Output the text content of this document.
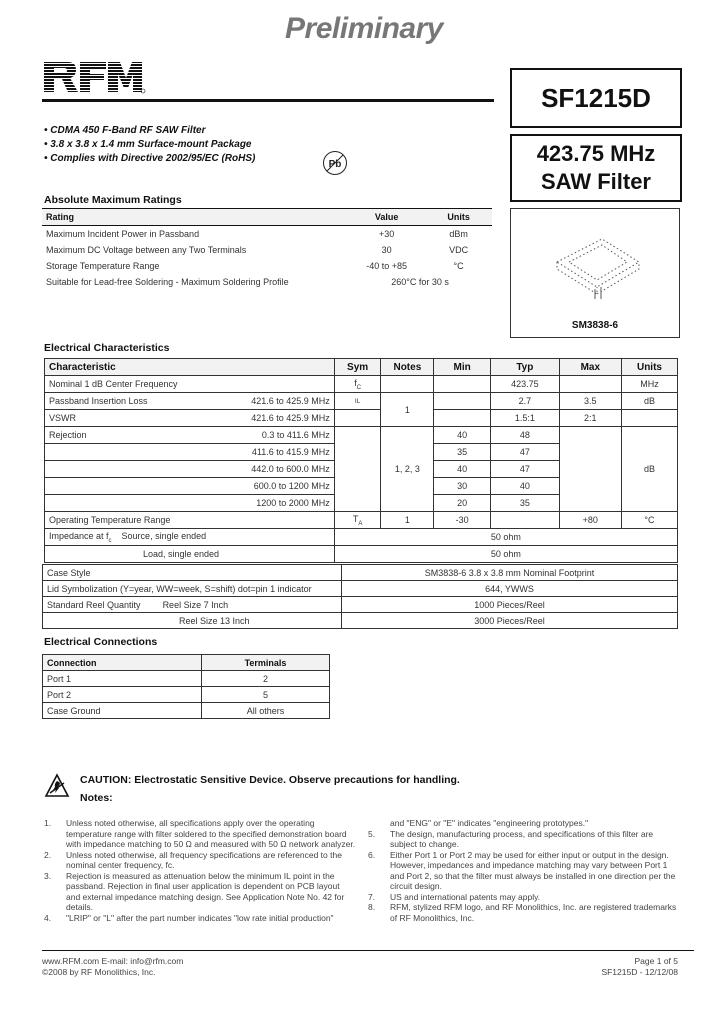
Preliminary
SF1215D
423.75 MHz
SAW Filter
SM3838-6
• CDMA 450 F-Band RF SAW Filter
• 3.8 x 3.8 x 1.4 mm Surface-mount Package
• Complies with Directive 2002/95/EC (RoHS)
Pb
Absolute Maximum Ratings
Rating	Value	Units
Maximum Incident Power in Passband	+30	dBm
Maximum DC Voltage between any Two Terminals	30	VDC
Storage Temperature Range	-40 to +85	°C
Suitable for Lead-free Soldering - Maximum Soldering Profile	260°C for 30 s	
Electrical Characteristics
Characteristic	Sym	Notes	Min	Typ	Max	Units
Nominal 1 dB Center Frequency	$f_C$			423.75		MHz
Passband Insertion Loss 421.6 to 425.9 MHz	IL	1		2.7	3.5	dB
VSWR 421.6 to 425.9 MHz				1.5:1	2:1	
Rejection 0.3 to 411.6 MHz		1, 2, 3	40	48		dB
411.6 to 415.9 MHz			35	47		
442.0 to 600.0 MHz			40	47		
600.0 to 1200 MHz			30	40		
1200 to 2000 MHz			20	35		
Operating Temperature Range	$T_A$	1	-30		+80	°C
Impedance at $f_c$ Source, single ended	50 ohm					
Load, single ended	50 ohm					
Case Style	SM3838-6 3.8 x 3.8 mm Nominal Footprint
Lid Symbolization (Y=year, WW=week, S=shift) dot=pin 1 indicator	644, YWWS
Standard Reel Quantity Reel Size 7 Inch	1000 Pieces/Reel
Reel Size 13 Inch	3000 Pieces/Reel
Electrical Connections
Connection	Terminals
Port 1	2
Port 2	5
Case Ground	All others
CAUTION: Electrostatic Sensitive Device. Observe precautions for handling.
Notes:
1.	Unless noted otherwise, all specifications apply over the operating temperature range with filter soldered to the specified demonstration board with impedance matching to 50 Ω and measured with 50 Ω network analyzer.
2.	Unless noted otherwise, all frequency specifications are referenced to the nominal center frequency, fc.
3.	Rejection is measured as attenuation below the minimum IL point in the passband. Rejection in final user application is dependent on PCB layout and external impedance matching design. See Application Note No. 42 for details.
4.	"LRIP" or "L" after the part number indicates "low rate initial production"
and "ENG" or "E" indicates "engineering prototypes."
5.	The design, manufacturing process, and specifications of this filter are subject to change.
6.	Either Port 1 or Port 2 may be used for either input or output in the design. However, impedances and impedance matching may vary between Port 1 and Port 2, so that the filter must always be installed in one direction per the circuit design.
7.	US and international patents may apply.
8.	RFM, stylized RFM logo, and RF Monolithics, Inc. are registered trademarks of RF Monolithics, Inc.
www.RFM.com E-mail: info@rfm.com
©2008 by RF Monolithics, Inc.
Page 1 of 5
SF1215D - 12/12/08
